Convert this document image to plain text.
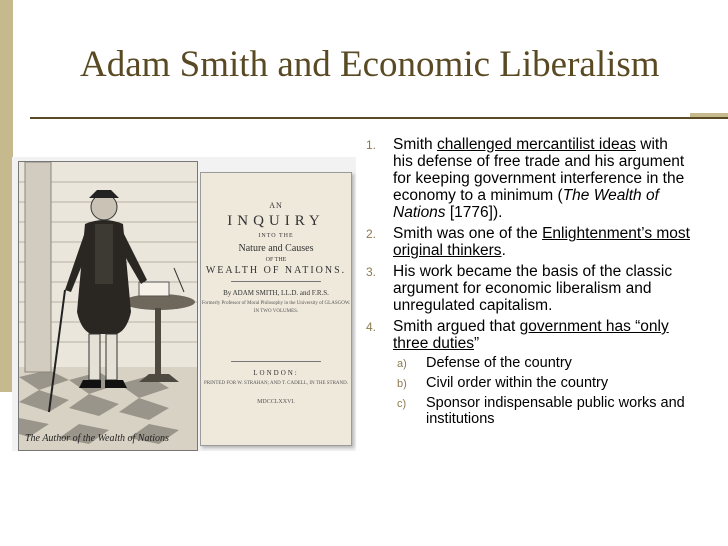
Adam Smith and Economic Liberalism
The Author of the Wealth of Nations
AN
INQUIRY
INTO THE
Nature and Causes
OF THE
WEALTH OF NATIONS.
By ADAM SMITH, LL.D. and F.R.S.
Formerly Professor of Moral Philosophy in the University of GLASGOW.
IN TWO VOLUMES.
LONDON:
PRINTED FOR W. STRAHAN; AND T. CADELL, IN THE STRAND.
MDCCLXXVI.
1. Smith challenged mercantilist ideas with his defense of free trade and his argument for keeping government interference in the economy to a minimum (The Wealth of Nations [1776]).
2. Smith was one of the Enlightenment’s most original thinkers.
3. His work became the basis of the classic argument for economic liberalism and unregulated capitalism.
4. Smith argued that government has “only three duties”
a) Defense of the country
b) Civil order within the country
c) Sponsor indispensable public works and institutions
